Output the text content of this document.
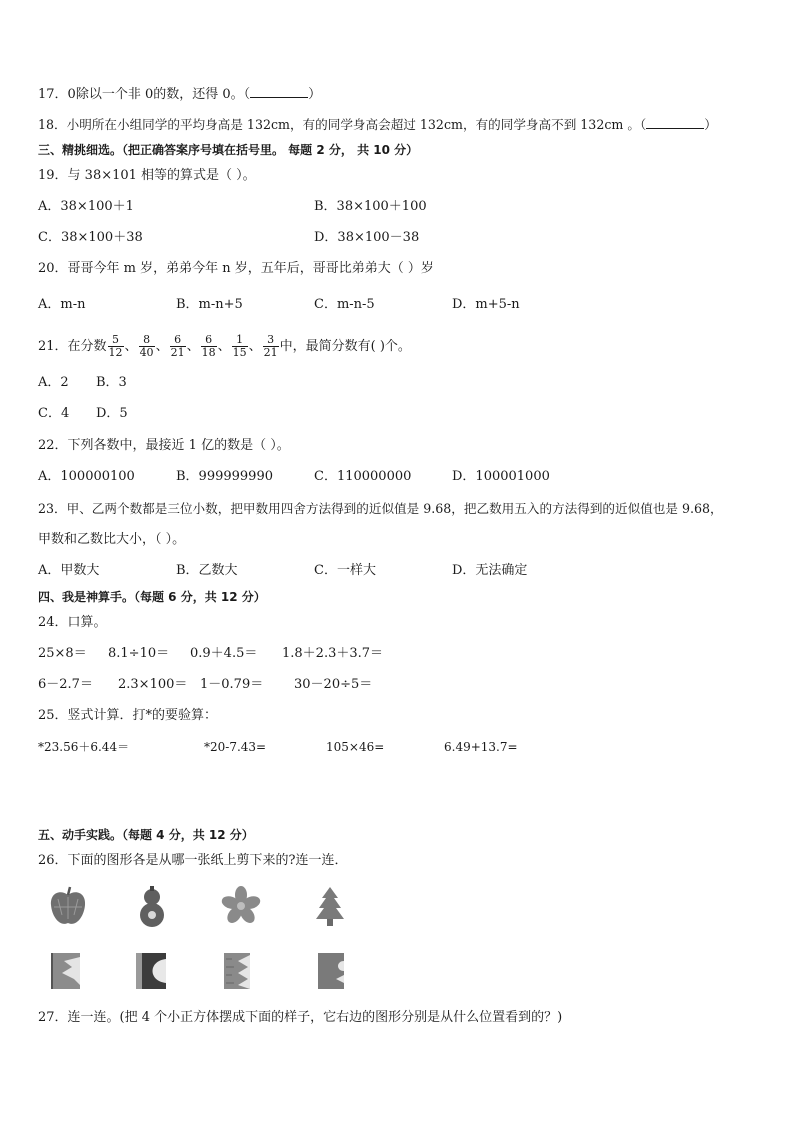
17．0除以一个非 0的数，还得 0。（	）
18．小明所在小组同学的平均身高是 132cm，有的同学身高会超过 132cm，有的同学身高不到 132cm 。（	）
三、精挑细选。（把正确答案序号填在括号里。 每题 2 分， 共 10 分）
19．与 38×101 相等的算式是（ ）。
A．38×100＋1	B．38×100＋100
C．38×100＋38	D．38×100－38
20．哥哥今年 m 岁，弟弟今年 n 岁，五年后，哥哥比弟弟大（ ）岁
A．m-n	B．m-n+5	C．m-n-5	D．m+5-n
21．在分数 $\frac{5}{12}$ 、 $\frac{8}{40}$ 、 $\frac{6}{21}$ 、 $\frac{6}{18}$ 、 $\frac{1}{15}$ 、 $\frac{3}{21}$ 中，最简分数有( )个。
A．2 B．3
C．4 D．5
22．下列各数中，最接近 1 亿的数是（ ）。
A．100000100	B．999999990	C．110000000	D．100001000
23．甲、乙两个数都是三位小数，把甲数用四舍方法得到的近似值是 9.68，把乙数用五入的方法得到的近似值也是 9.68，
甲数和乙数比大小，（ ）。
A．甲数大	B．乙数大	C．一样大	D．无法确定
四、我是神算手。（每题 6 分，共 12 分）
24．口算。
25×8＝ 8.1÷10＝ 0.9＋4.5＝ 1.8＋2.3＋3.7＝
6－2.7＝ 2.3×100＝ 1－0.79＝ 30－20÷5＝
25．竖式计算．打*的要验算：
*23.56＋6.44＝	*20-7.43=	105×46=	6.49+13.7=
五、动手实践。（每题 4 分，共 12 分）
26．下面的图形各是从哪一张纸上剪下来的?连一连．
27．连一连。(把 4 个小正方体摆成下面的样子，它右边的图形分别是从什么位置看到的？)
